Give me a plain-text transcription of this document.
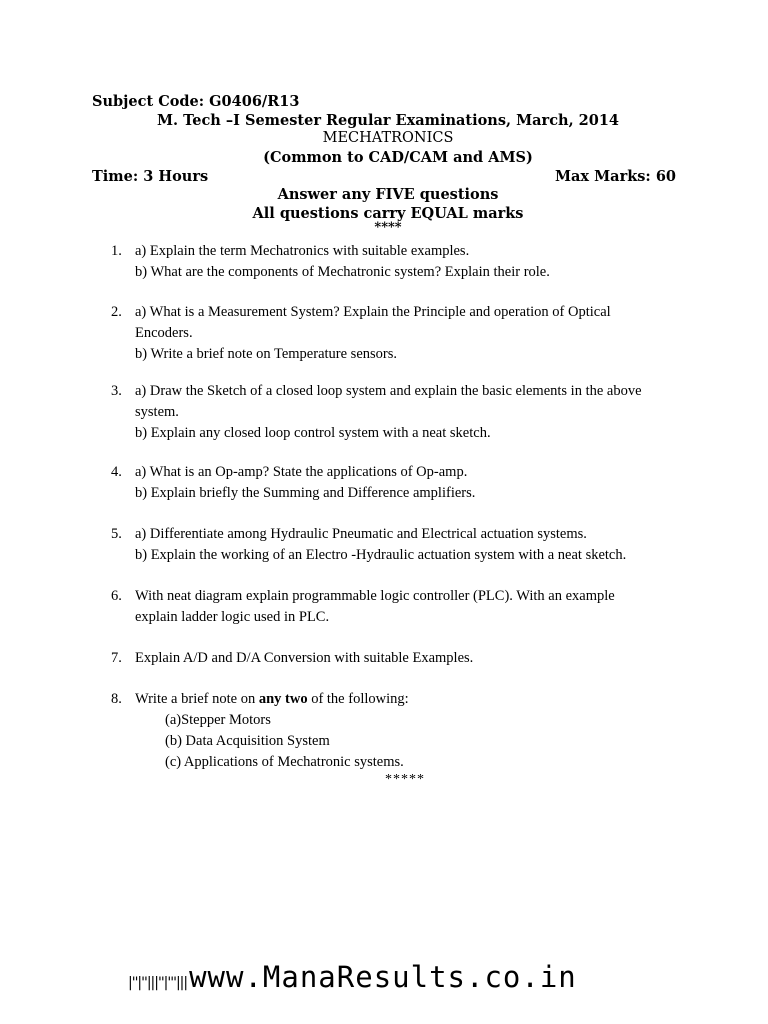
Subject Code: G0406/R13
M. Tech –I Semester Regular Examinations, March, 2014
MECHATRONICS
(Common to CAD/CAM and AMS)
Time: 3 Hours	Max Marks: 60
Answer any FIVE questions
All questions carry EQUAL marks
****
1. a) Explain the term Mechatronics with suitable examples.
b) What are the components of Mechatronic system? Explain their role.
2. a) What is a Measurement System? Explain the Principle and operation of Optical
Encoders.
b) Write a brief note on Temperature sensors.
3. a) Draw the Sketch of a closed loop system and explain the basic elements in the above
system.
b) Explain any closed loop control system with a neat sketch.
4. a) What is an Op-amp? State the applications of Op-amp.
b) Explain briefly the Summing and Difference amplifiers.
5. a) Differentiate among Hydraulic Pneumatic and Electrical actuation systems.
b) Explain the working of an Electro -Hydraulic actuation system with a neat sketch.
6. With neat diagram explain programmable logic controller (PLC). With an example
explain ladder logic used in PLC.
7. Explain A/D and D/A Conversion with suitable Examples.
8. Write a brief note on any two of the following:
(a)Stepper Motors
(b) Data Acquisition System
(c) Applications of Mechatronic systems.
*****
|''|''|||''|'''|||www.ManaResults.co.in
